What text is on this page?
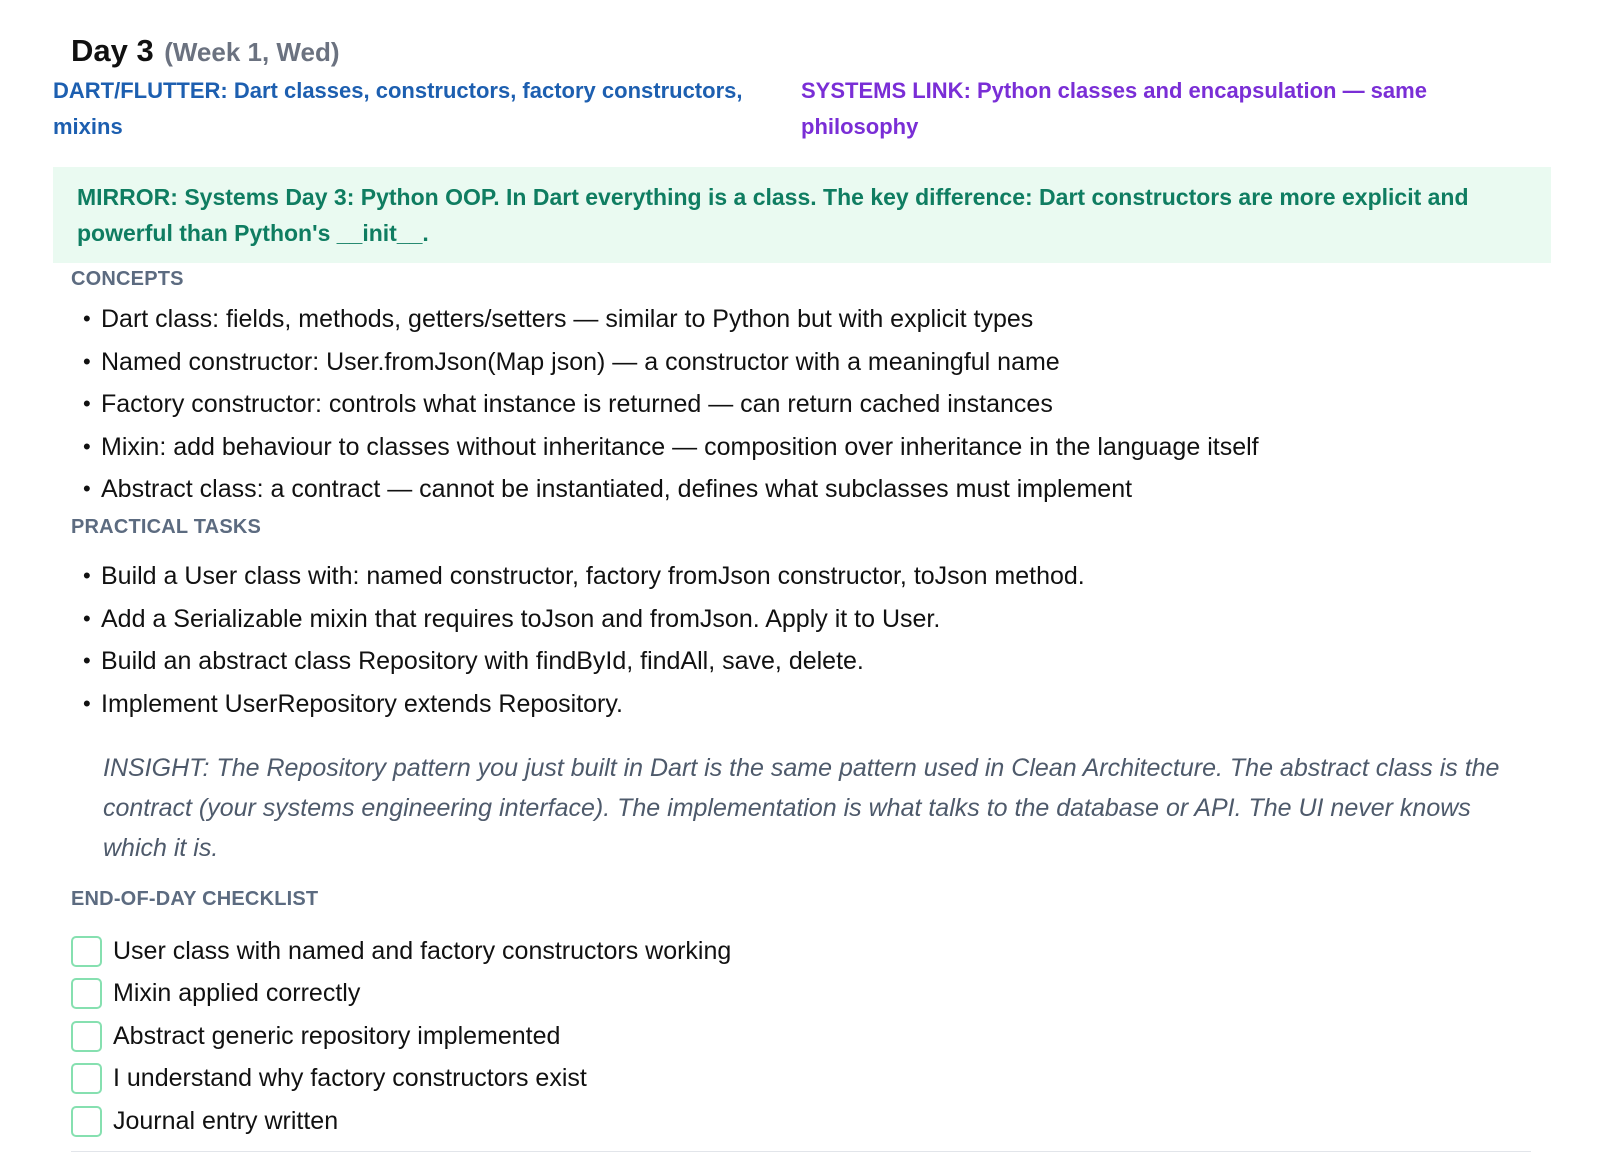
Day 3 (Week 1, Wed)
DART/FLUTTER: Dart classes, constructors, factory constructors, mixins
SYSTEMS LINK: Python classes and encapsulation — same philosophy
MIRROR: Systems Day 3: Python OOP. In Dart everything is a class. The key difference: Dart constructors are more explicit and powerful than Python's __init__.
CONCEPTS
• Dart class: fields, methods, getters/setters — similar to Python but with explicit types
• Named constructor: User.fromJson(Map json) — a constructor with a meaningful name
• Factory constructor: controls what instance is returned — can return cached instances
• Mixin: add behaviour to classes without inheritance — composition over inheritance in the language itself
• Abstract class: a contract — cannot be instantiated, defines what subclasses must implement
PRACTICAL TASKS
• Build a User class with: named constructor, factory fromJson constructor, toJson method.
• Add a Serializable mixin that requires toJson and fromJson. Apply it to User.
• Build an abstract class Repository with findById, findAll, save, delete.
• Implement UserRepository extends Repository.
INSIGHT: The Repository pattern you just built in Dart is the same pattern used in Clean Architecture. The abstract class is the contract (your systems engineering interface). The implementation is what talks to the database or API. The UI never knows which it is.
END-OF-DAY CHECKLIST
User class with named and factory constructors working
Mixin applied correctly
Abstract generic repository implemented
I understand why factory constructors exist
Journal entry written
